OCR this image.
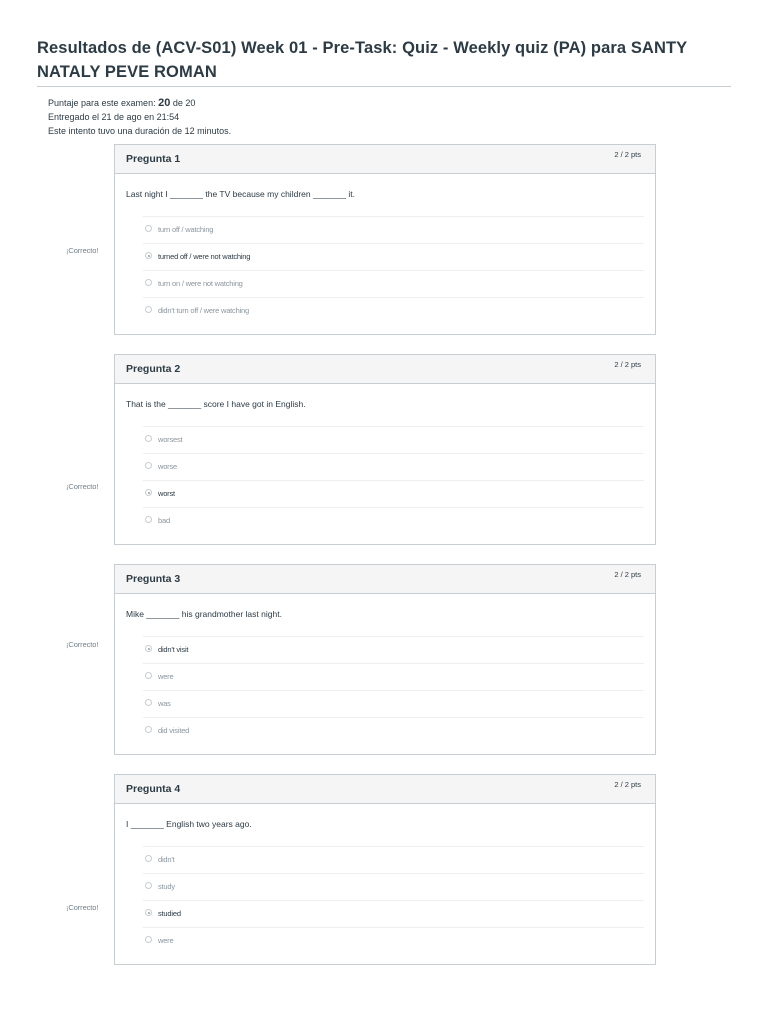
Resultados de (ACV-S01) Week 01 - Pre-Task: Quiz - Weekly quiz (PA) para SANTY NATALY PEVE ROMAN
Puntaje para este examen: 20 de 20
Entregado el 21 de ago en 21:54
Este intento tuvo una duración de 12 minutos.
¡Correcto!
Pregunta 1	2 / 2 pts
Last night I _______ the TV because my children _______ it.
turn off / watching
turned off / were not watching
turn on / were not watching
didn't turn off / were watching
¡Correcto!
Pregunta 2	2 / 2 pts
That is the _______ score I have got in English.
worsest
worse
worst
bad
¡Correcto!
Pregunta 3	2 / 2 pts
Mike _______ his grandmother last night.
didn't visit
were
was
did visited
¡Correcto!
Pregunta 4	2 / 2 pts
I _______ English two years ago.
didn't
study
studied
were
